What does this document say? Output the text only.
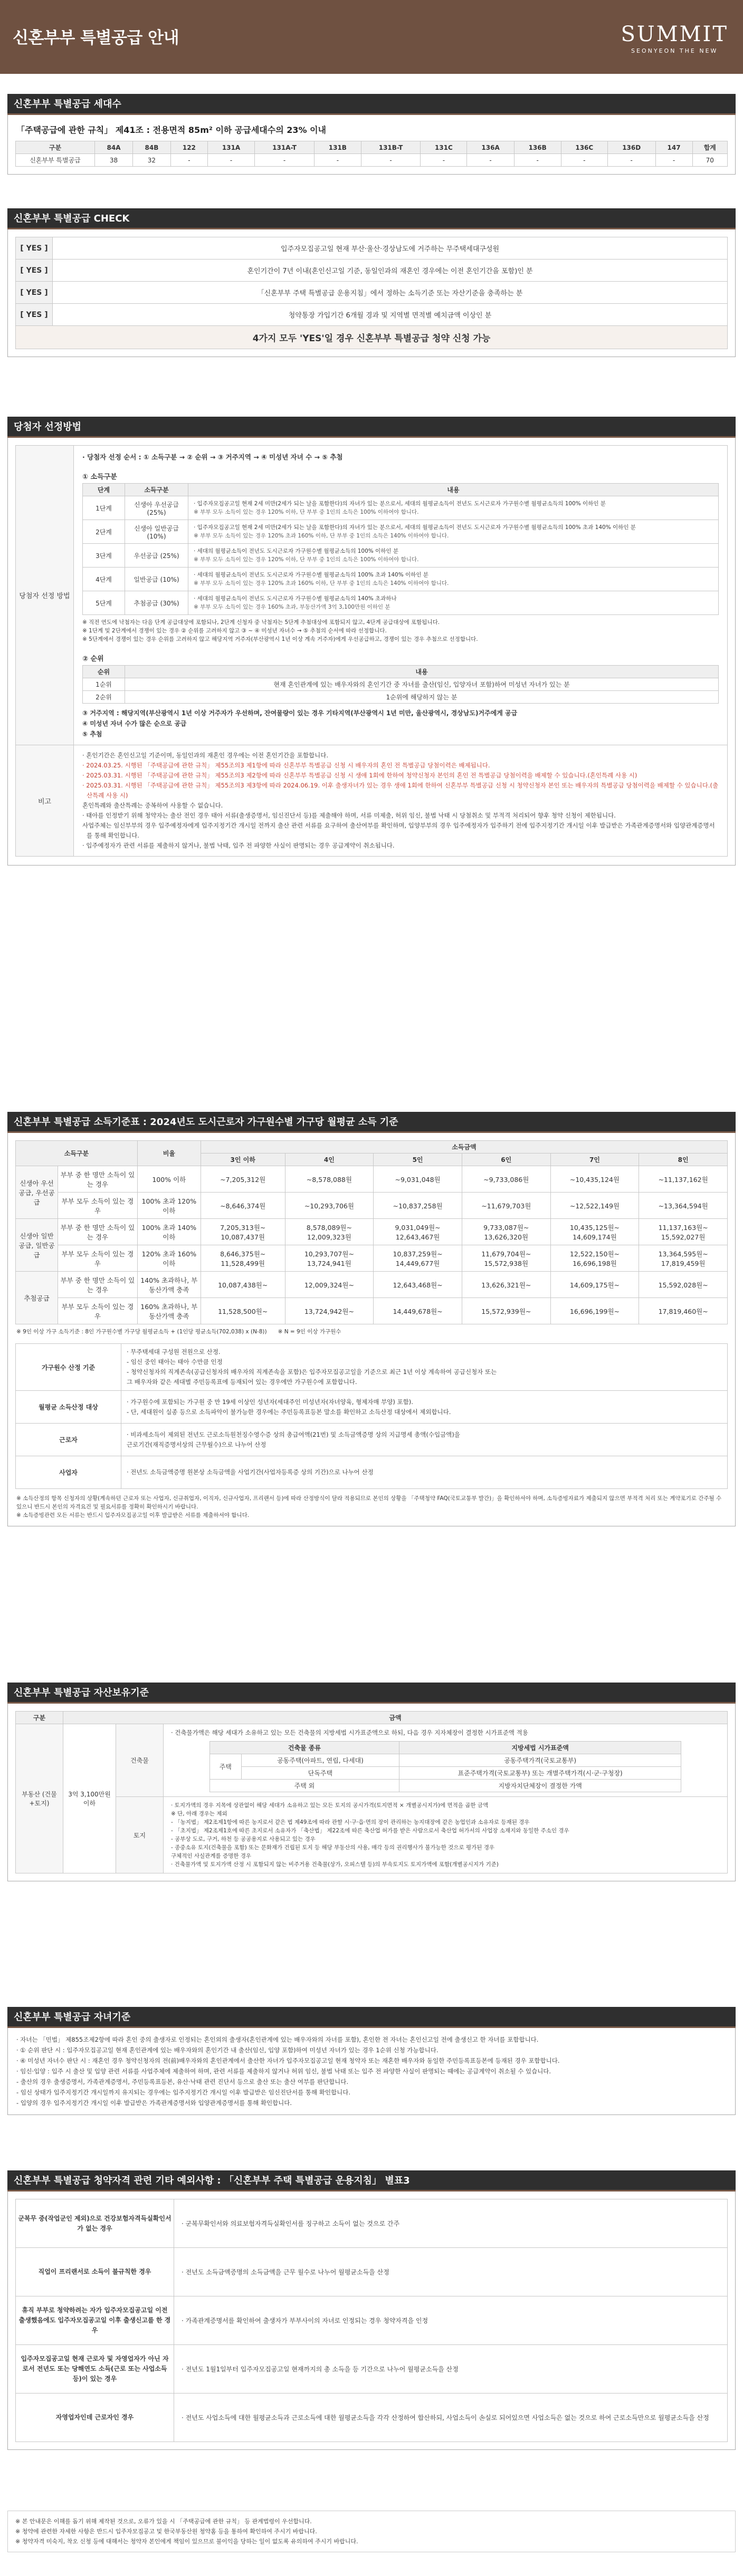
신혼부부 특별공급 안내	SUMMIT
SEONYEON THE NEW
신혼부부 특별공급 세대수
「주택공급에 관한 규칙」 제41조 : 전용면적 85m² 이하 공급세대수의 23% 이내
구분	84A	84B	122	131A	131A-T	131B	131B-T	131C	136A	136B	136C	136D	147	합계
신혼부부 특별공급	38	32	-	-	-	-	-	-	-	-	-	-	-	70
신혼부부 특별공급 CHECK
[ YES ]	입주자모집공고일 현재 부산·울산·경상남도에 거주하는 무주택세대구성원
[ YES ]	혼인기간이 7년 이내(혼인신고일 기준, 동일인과의 재혼인 경우에는 이전 혼인기간을 포함)인 분
[ YES ]	「신혼부부 주택 특별공급 운용지침」에서 정하는 소득기준 또는 자산기준을 충족하는 분
[ YES ]	청약통장 가입기간 6개월 경과 및 지역별 면적별 예치금액 이상인 분
4가지 모두 'YES'일 경우 신혼부부 특별공급 청약 신청 가능	
당첨자 선정방법
당첨자 선정 방법	
· 당첨자 선정 순서 : ① 소득구분 → ② 순위 → ③ 거주지역 → ④ 미성년 자녀 수 → ⑤ 추첨
① 소득구분
단계	소득구분	내용
1단계	신생아 우선공급 (25%)	
· 입주자모집공고일 현재 2세 미만(2세가 되는 날을 포함한다)의 자녀가 있는 분으로서, 세대의 월평균소득이 전년도 도시근로자 가구원수별 월평균소득의 100% 이하인 분
※ 부부 모두 소득이 있는 경우 120% 이하, 단 부부 중 1인의 소득은 100% 이하여야 합니다.

2단계	신생아 일반공급 (10%)	
· 입주자모집공고일 현재 2세 미만(2세가 되는 날을 포함한다)의 자녀가 있는 분으로서, 세대의 월평균소득이 전년도 도시근로자 가구원수별 월평균소득의 100% 초과 140% 이하인 분
※ 부부 모두 소득이 있는 경우 120% 초과 160% 이하, 단 부부 중 1인의 소득은 140% 이하여야 합니다.

3단계	우선공급 (25%)	
· 세대의 월평균소득이 전년도 도시근로자 가구원수별 월평균소득의 100% 이하인 분
※ 부부 모두 소득이 있는 경우 120% 이하, 단 부부 중 1인의 소득은 100% 이하여야 합니다.

4단계	일반공급 (10%)	
· 세대의 월평균소득이 전년도 도시근로자 가구원수별 월평균소득의 100% 초과 140% 이하인 분
※ 부부 모두 소득이 있는 경우 120% 초과 160% 이하, 단 부부 중 1인의 소득은 140% 이하여야 합니다.

5단계	추첨공급 (30%)	
· 세대의 월평균소득이 전년도 도시근로자 가구원수별 월평균소득의 140% 초과하나
※ 부부 모두 소득이 있는 경우 160% 초과, 부동산가액 3억 3,100만원 이하인 분
※ 직전 연도에 낙첨자는 다음 단계 공급대상에 포함되나, 2단계 신청자 중 낙첨자는 5단계 추첨대상에 포함되지 않고, 4단계 공급대상에 포함됩니다.
※ 1단계 및 2단계에서 경쟁이 있는 경우 ② 순위를 고려하지 않고 ③ ~ ④ 미성년 자녀수 → ⑤ 추첨의 순서에 따라 선정합니다.
※ 5단계에서 경쟁이 있는 경우 순위를 고려하지 않고 해당지역 거주자(부산광역시 1년 이상 계속 거주자)에게 우선공급하고, 경쟁이 있는 경우 추첨으로 선정합니다.
② 순위
순위	내용
1순위	현재 혼인관계에 있는 배우자와의 혼인기간 중 자녀를 출산(임신, 입양자녀 포함)하여 미성년 자녀가 있는 분
2순위	1순위에 해당하지 않는 분
③ 거주지역 : 해당지역(부산광역시 1년 이상 거주자가 우선하며, 잔여물량이 있는 경우 기타지역(부산광역시 1년 미만, 울산광역시, 경상남도)거주에게 공급
④ 미성년 자녀 수가 많은 순으로 공급
⑤ 추첨

비고	
· 혼인기간은 혼인신고일 기준이며, 동일인과의 재혼인 경우에는 이전 혼인기간을 포함합니다.
· 2024.03.25. 시행된 「주택공급에 관한 규칙」 제55조의3 제1항에 따라 신혼부부 특별공급 신청 시 배우자의 혼인 전 특별공급 당첨이력은 배제됩니다.
· 2025.03.31. 시행된 「주택공급에 관한 규칙」 제55조의3 제2항에 따라 신혼부부 특별공급 신청 시 생애 1회에 한하여 청약신청자 본인의 혼인 전 특별공급 당첨이력을 배제할 수 있습니다.(혼인특례 사용 시)
· 2025.03.31. 시행된 「주택공급에 관한 규칙」 제55조의3 제3항에 따라 2024.06.19. 이후 출생자녀가 있는 경우 생애 1회에 한하여 신혼부부 특별공급 신청 시 청약신청자 본인 또는 배우자의 특별공급 당첨이력을 배제할 수 있습니다.(출산특례 사용 시)
혼인특례와 출산특례는 중복하여 사용할 수 없습니다.
· 태아를 인정받기 위해 청약자는 출산 전인 경우 태아 서류(출생증명서, 임신진단서 등)를 제출해야 하며, 서류 미제출, 허위 임신, 불법 낙태 시 당첨취소 및 부적격 처리되어 향후 청약 신청이 제한됩니다.
사업주체는 임신부부의 경우 입주예정자에게 입주지정기간 개시일 전까지 출산 관련 서류를 요구하여 출산여부를 확인하며, 입양부부의 경우 입주예정자가 입주하기 전에 입주지정기간 개시일 이후 발급받은 가족관계증명서와 입양관계증명서를 통해 확인합니다.
· 입주예정자가 관련 서류를 제출하지 않거나, 불법 낙태, 입주 전 파양한 사실이 판명되는 경우 공급계약이 취소됩니다.
신혼부부 특별공급 소득기준표 : 2024년도 도시근로자 가구원수별 가구당 월평균 소득 기준
소득구분		비율	소득금액					
			3인 이하	4인	5인	6인	7인	8인
신생아 우선공급, 우선공급	부부 중 한 명만 소득이 있는 경우	100% 이하	~7,205,312원	~8,578,088원	~9,031,048원	~9,733,086원	~10,435,124원	~11,137,162원
	부부 모두 소득이 있는 경우	100% 초과 120% 이하	~8,646,374원	~10,293,706원	~10,837,258원	~11,679,703원	~12,522,149원	~13,364,594원
신생아 일반공급, 일반공급	부부 중 한 명만 소득이 있는 경우	100% 초과 140% 이하	7,205,313원~ 10,087,437원	8,578,089원~ 12,009,323원	9,031,049원~ 12,643,467원	9,733,087원~ 13,626,320원	10,435,125원~ 14,609,174원	11,137,163원~ 15,592,027원
	부부 모두 소득이 있는 경우	120% 초과 160% 이하	8,646,375원~ 11,528,499원	10,293,707원~ 13,724,941원	10,837,259원~ 14,449,677원	11,679,704원~ 15,572,938원	12,522,150원~ 16,696,198원	13,364,595원~ 17,819,459원
추첨공급	부부 중 한 명만 소득이 있는 경우	140% 초과하나, 부동산가액 충족	10,087,438원~	12,009,324원~	12,643,468원~	13,626,321원~	14,609,175원~	15,592,028원~
	부부 모두 소득이 있는 경우	160% 초과하나, 부동산가액 충족	11,528,500원~	13,724,942원~	14,449,678원~	15,572,939원~	16,696,199원~	17,819,460원~
※ 9인 이상 가구 소득기준 : 8인 가구원수별 가구당 월평균소득 + (1인당 평균소득(702,038) x (N-8))　　※ N = 9인 이상 가구원수
가구원수 산정 기준	· 무주택세대 구성원 전원으로 산정.
- 임신 중인 태아는 태아 수만큼 인정
- 청약신청자의 직계존속(공급신청자의 배우자의 직계존속을 포함)은 입주자모집공고일을 기준으로 최근 1년 이상 계속하여 공급신청자 또는
그 배우자와 같은 세대별 주민등록표에 등재되어 있는 경우에만 가구원수에 포함합니다.

월평균 소득산정 대상	· 가구원수에 포함되는 가구원 중 만 19세 이상인 성년자(세대주인 미성년자(자녀양육, 형제자매 부양) 포함).
- 단, 세대원이 실종 등으로 소득파악이 불가능한 경우에는 주민등록표등본 말소를 확인하고 소득산정 대상에서 제외합니다.

근로자	· 비과세소득이 제외된 전년도 근로소득원천징수영수증 상의 총급여액(21번) 및 소득금액증명 상의 지급명세 총액(수입금액)을
근로기간(재직증명서상의 근무월수)으로 나누어 산정

사업자	· 전년도 소득금액증명 원본상 소득금액을 사업기간(사업자등록증 상의 기간)으로 나누어 산정
※ 소득산정의 항목 신청자의 상황(계속하던 근로자 또는 사업자, 신규취업자, 이직자, 신규사업자, 프리랜서 등)에 따라 산정방식이 달라 적용되므로 본인의 상황을 「주택청약 FAQ(국토교통부 발간)」을 확인하셔야 하며, 소득증빙자료가 제출되지 않으면 부적격 처리 또는 계약포기로 간주될 수 있으니 반드시 본인의 자격요건 및 필요서류를 정확히 확인하시기 바랍니다.
※ 소득증빙관련 모든 서류는 반드시 입주자모집공고일 이후 발급받은 서류를 제출하셔야 합니다.
신혼부부 특별공급 자산보유기준
구분	금액
부동산 (건물+토지)	3억 3,100만원 이하	건축물	
· 건축물가액은 해당 세대가 소유하고 있는 모든 건축물의 지방세법 시가표준액으로 하되, 다음 경우 지자체장이 결정한 시가표준액 적용
건축물 종류	지방세법 시가표준액
주택	공동주택(아파트, 연립, 다세대)	공동주택가격(국토교통부)
단독주택	표준주택가격(국토교통부) 또는 개별주택가격(시·군·구청장)
주택 외	지방자치단체장이 결정한 가액

토지	
· 토지가액의 경우 지목에 상관없이 해당 세대가 소유하고 있는 모든 토지의 공시가격(토지면적 × 개별공시지가)에 면적을 곱한 금액
※ 단, 아래 경우는 제외
- 「농지법」 제2조제1항에 따른 농지로서 같은 법 제49조에 따라 관할 시·구·읍·면의 장이 관리하는 농지대장에 같은 농업인과 소유자로 등재된 경우
- 「초지법」 제2조제1호에 따른 초지로서 소유자가 「축산법」 제22조에 따른 축산업 허가를 받은 사람으로서 축산업 허가서의 사업장 소재지와 동일한 주소인 경우
- 공부상 도로, 구거, 하천 등 공공용지로 사용되고 있는 경우
- 종중소유 토지(건축물을 포함) 또는 문화재가 건립된 토지 등 해당 부동산의 사용, 매각 등의 권리행사가 불가능한 것으로 평가된 경우
구체적인 사실관계를 증명한 경우
· 건축물가액 및 토지가액 산정 시 포함되지 않는 비주거용 건축물(상가, 오피스텔 등)의 부속토지도 토지가액에 포함(개별공시지가 기준)
신혼부부 특별공급 자녀기준
· 자녀는 「민법」 제855조제2항에 따라 혼인 중의 출생자로 인정되는 혼인외의 출생자(혼인관계에 있는 배우자와의 자녀를 포함), 혼인한 전 자녀는 혼인신고일 전에 출생신고 한 자녀를 포함합니다.
· ① 순위 판단 시 : 입주자모집공고일 현재 혼인관계에 있는 배우자와의 혼인기간 내 출산(임신, 입양 포함)하여 미성년 자녀가 있는 경우 1순위 신청 가능합니다.
· ④ 미성년 자녀수 판단 시 : 재혼인 경우 청약신청자의 전(前)배우자와의 혼인관계에서 출산한 자녀가 입주자모집공고일 현재 청약자 또는 재혼한 배우자와 동일한 주민등록표등본에 등재된 경우 포함합니다.
· 임신·입양 : 입주 시 출산 및 입양 관련 서류를 사업주체에 제출하여 하며, 관련 서류를 제출하지 않거나 허위 임신, 불법 낙태 또는 입주 전 파양한 사실이 판명되는 때에는 공급계약이 취소될 수 있습니다.
- 출산의 경우 출생증명서, 가족관계증명서, 주민등록표등본, 유산·낙태 관련 진단서 등으로 출산 또는 출산 여부를 판단합니다.
- 임신 상태가 입주지정기간 개시일까지 유지되는 경우에는 입주지정기간 개시일 이후 발급받은 임신진단서를 통해 확인합니다.
- 입양의 경우 입주지정기간 개시일 이후 발급받은 가족관계증명서와 입양관계증명서를 통해 확인합니다.
신혼부부 특별공급 청약자격 관련 기타 예외사항 : 「신혼부부 주택 특별공급 운용지침」 별표3
군복무 중(작업군인 제외)으로 건강보험자격득실확인서가 없는 경우	· 군복무확인서와 의료보험자격득실확인서를 징구하고 소득이 없는 것으로 간주
직업이 프리랜서로 소득이 불규칙한 경우	· 전년도 소득금액증명의 소득금액을 근무 월수로 나누어 월평균소득을 산정
휴직 부부로 청약하려는 자가 입주자모집공고일 이전 출생했음에도 입주자모집공고일 이후 출생신고를 한 경우	· 가족관계증명서를 확인하여 출생자가 부부사이의 자녀로 인정되는 경우 청약자격을 인정
입주자모집공고일 현재 근로자 및 자영업자가 아닌 자로서 전년도 또는 당해연도 소득(근로 또는 사업소득 등)이 있는 경우	· 전년도 1월1일부터 입주자모집공고일 현재까지의 총 소득을 등 기간으로 나누어 월평균소득을 산정
자영업자인데 근로자인 경우	· 전년도 사업소득에 대한 월평균소득과 근로소득에 대한 월평균소득을 각각 산정하여 합산하되, 사업소득이 손실로 되어있으면 사업소득은 없는 것으로 하여 근로소득만으로 월평균소득을 산정
※ 본 안내문은 이해를 돕기 위해 제작된 것으로, 오류가 있을 시 「주택공급에 관한 규칙」 등 관계법령이 우선합니다.
※ 청약에 관련한 자세한 사항은 반드시 입주자모집공고 및 한국부동산원 청약홈 등을 통하여 확인하여 주시기 바랍니다.
※ 청약자격 미숙지, 착오 신청 등에 대해서는 청약자 본인에게 책임이 있으므로 불이익을 당하는 일이 없도록 유의하여 주시기 바랍니다.
